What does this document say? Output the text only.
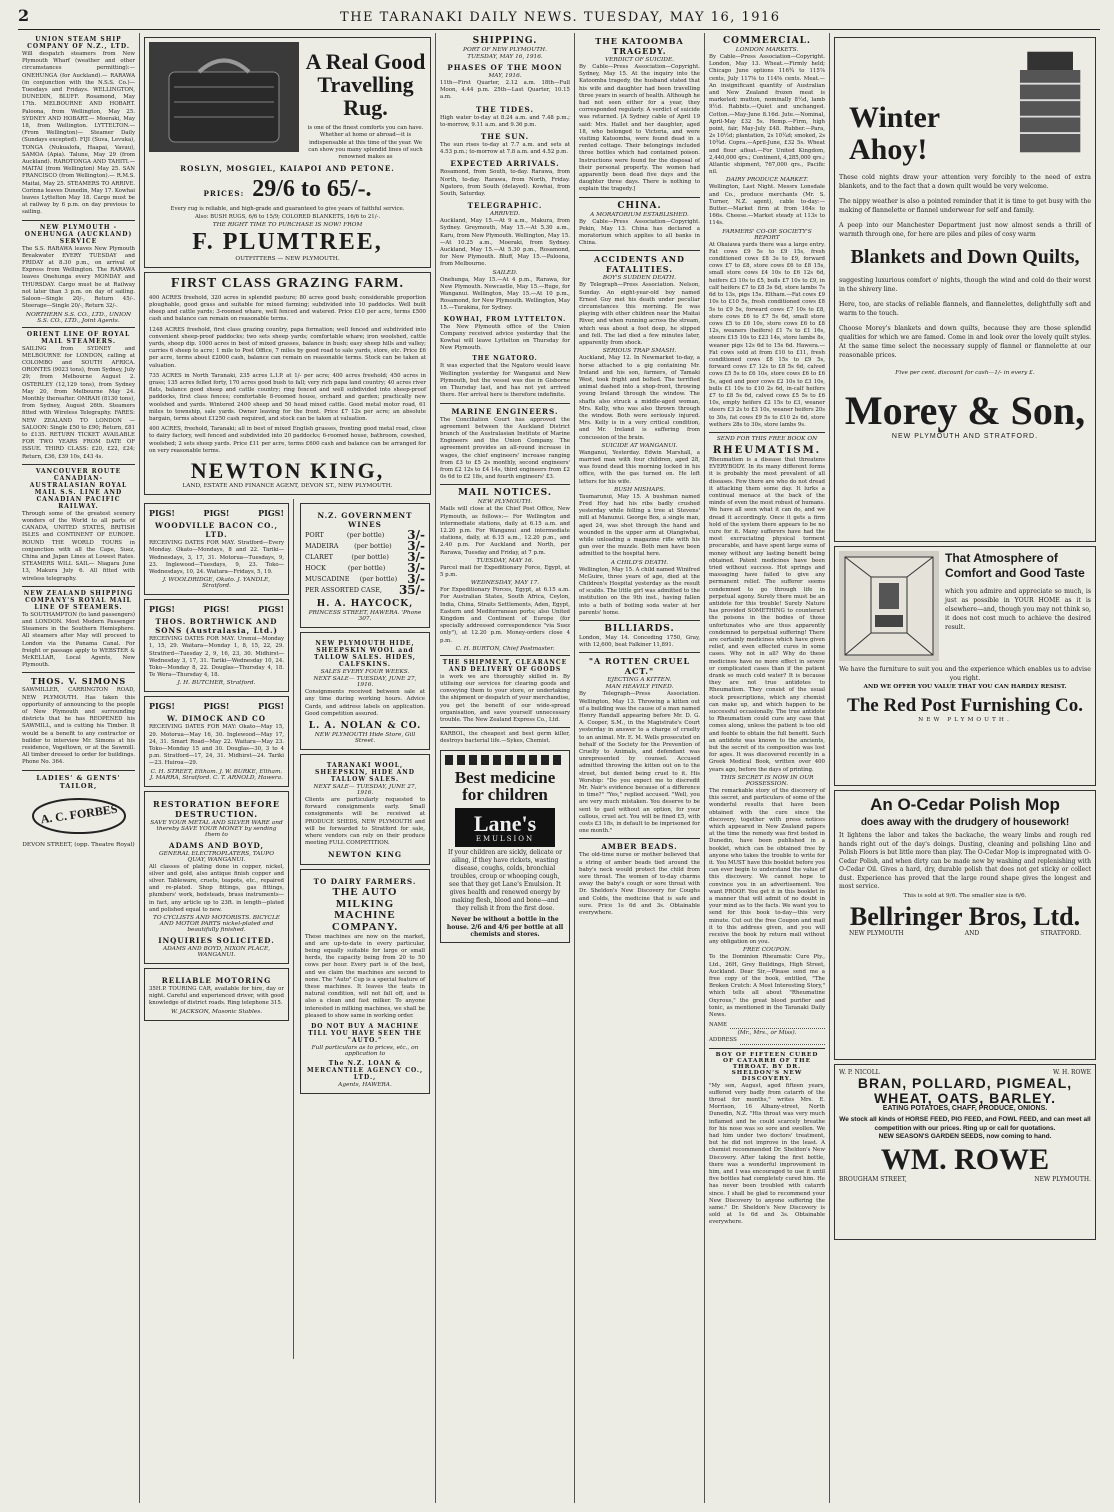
2	THE TARANAKI DAILY NEWS. TUESDAY, MAY 16, 1916
UNION STEAM SHIP COMPANY OF N.Z., LTD.
Will despatch steamers from New Plymouth Wharf (weather and other circumstances permitting):— ONEHUNGA (for Auckland).— RARAWA (in conjunction with the N.S.S. Co.)—Tuesdays and Fridays. WELLINGTON, DUNEDIN, BLUFF. Rosamond, May 17th. MELBOURNE AND HOBART. Paloona, from Wellington, May 25. SYDNEY AND HOBART.— Moeraki, May 18, from Wellington. LYTTELTON.— (From Wellington)— Steamer Daily (Sundays excepted). FIJI (Suva, Levuka), TONGA (Nukualofa, Haapai, Vavau), SAMOA (Apia). Talune, May 29 (from Auckland). RAROTONGA AND TAHITI.— MAITAI (from Wellington) May 25. SAN FRANCISCO (from Wellington).— R.M.S. Maitai, May 25. STEAMERS TO ARRIVE. Corinna leaves Dunedin, May 17. Kowhai leaves Lyttelton May 18. Cargo must be at railway by 6 p.m. on day previous to sailing.
NEW PLYMOUTH - ONEHUNGA (AUCKLAND) SERVICE
The S.S. RARAWA leaves New Plymouth Breakwater EVERY TUESDAY and FRIDAY at 8.30 p.m., on arrival of Express from Wellington. The RARAWA leaves Onehunga every MONDAY and THURSDAY. Cargo must be at Railway not later than 3 p.m. on day of sailing. Saloon—Single 20/-, Return 45/-. Steerage—Single 20/-, Return 32/-.
NORTHERN S.S. CO., LTD., UNION S.S. CO., LTD., Joint Agents.
ORIENT LINE OF ROYAL MAIL STEAMERS.
SAILING from SYDNEY and MELBOURNE for LONDON, calling at COLOMBO and SOUTH AFRICA. ORONTES (9023 tons), from Sydney, July 29; from Melbourne August 2. OSTERLEY (12,129 tons), from Sydney May 20, from Melbourne May 24. Monthly thereafter. OMRAH (8130 tons), from Sydney, August 26th. Steamers fitted with Wireless Telegraphy. FARES: NEW ZEALAND TO LONDON —SALOON: Single £50 to £90; Return, £81 to £135. RETURN TICKET AVAILABLE FOR TWO YEARS FROM DATE OF ISSUE. THIRD CLASS: £20, £22, £24; Return, £36, £39 10s, £43 4s.
VANCOUVER ROUTE CANADIAN-AUSTRALASIAN ROYAL MAIL S.S. LINE AND CANADIAN PACIFIC RAILWAY.
Through some of the greatest scenery wonders of the World to all parts of CANADA, UNITED STATES, BRITISH ISLES and CONTINENT OF EUROPE. ROUND THE WORLD TOURS in conjunction with all the Cape, Suez, China and Japan Lines at Lowest Rates. STEAMERS WILL SAIL— Niagara June 13, Makura July 6. All fitted with wireless telegraphy.
NEW ZEALAND SHIPPING COMPANY'S ROYAL MAIL LINE OF STEAMERS.
To SOUTHAMPTON (to land passengers) and LONDON. Most Modern Passenger Steamers in the Southern Hemisphere. All steamers after May will proceed to London via the Panama Canal. For freight or passage apply to WEBSTER & McKELLAR, Local Agents, New Plymouth.
THOS. V. SIMONS
SAWMILLER, CARRINGTON ROAD, NEW PLYMOUTH. Has taken this opportunity of announcing to the people of New Plymouth and surrounding districts that he has REOPENED his SAWMILL, and is cutting his Timber. It would be a benefit to any contractor or builder to interview Mr. Simons at his residence, Vogeltown, or at the Sawmill. All timber dressed to order for buildings. Phone No. 364.
LADIES' & GENTS' TAILOR,
A. C. FORBES
DEVON STREET, (opp. Theatre Royal)
A Real Good Travelling Rug.
is one of the finest comforts you can have. Whether at home or abroad—it is indispensable at this time of the year. We can show you many splendid lines of such renowned makes as
ROSLYN, MOSGIEL, KAIAPOI AND PETONE.
PRICES: 29/6 to 65/-.
Every rug is reliable, and high-grade and guaranteed to give years of faithful service.
Also: BUSH RUGS, 6/6 to 15/9; COLORED BLANKETS, 16/6 to 21/-.
THE RIGHT TIME TO PURCHASE IS NOW! FROM
F. PLUMTREE,
OUTFITTERS — NEW PLYMOUTH.
FIRST CLASS GRAZING FARM.
400 ACRES freehold, 320 acres in splendid pasture; 80 acres good bush; considerable proportion ploughable, good grass and suitable for mixed farming; subdivided into 10 paddocks. Well built sheep and cattle yards; 3-roomed whare, well fenced and watered. Price £10 per acre, terms £500 cash and balance can remain on reasonable terms.
1248 ACRES freehold, first class grazing country, papa formation; well fenced and subdivided into convenient sheep-proof paddocks; two sets sheep yards; comfortable whare; iron woolshed, cattle yards, sheep dip. 1000 acres in best of mixed grasses, balance in bush; easy sheep hills and valley; carries 6 sheep to acre; 1 mile to Post Office, 7 miles by good road to sale yards, store, etc. Price £6 per acre, terms about £2000 cash, balance can remain on reasonable terms. Stock can be taken at valuation.
735 ACRES in North Taranaki, 235 acres L.I.P. at 1/- per acre; 400 acres freehold; 450 acres in grass; 135 acres felled forty, 170 acres good bush to fall; very rich papa land country; 40 acres river flats, balance good sheep and cattle country; ring fenced and well subdivided into sheep-proof paddocks, first class fences; comfortable 8-roomed house, orchard and garden; practically new woolshed and yards. Wintered 2400 sheep and 50 head mixed cattle. Good metal motor road, 61 miles to township, sale yards. Owner leaving for the front. Price £7 12s per acre; an absolute bargain, terms about £1250 cash required, and stock can be taken at valuation.
400 ACRES, freehold, Taranaki; all in best of mixed English grasses, fronting good metal road, close to dairy factory, well fenced and subdivided into 20 paddocks; 6-roomed house, bathroom, cowshed, woolshed; 2 sets sheep yards. Price £11 per acre, terms £600 cash and balance can be arranged for on very reasonable terms.
NEWTON KING,
LAND, ESTATE AND FINANCE AGENT, DEVON ST., NEW PLYMOUTH.
PIGS!	PIGS!	PIGS!
WOODVILLE BACON CO., LTD.
RECEIVING DATES FOR MAY. Stratford—Every Monday. Okato—Mondays, 8 and 22. Tariki—Wednesdays, 3, 17, 31. Motorua—Tuesdays, 9, 23. Inglewood—Tuesdays, 9, 23. Toko—Wednesdays, 10, 24. Waitara—Fridays, 5, 19.
J. WOOLDRIDGE, Okato. J. YANDLE, Stratford.
PIGS!	PIGS!	PIGS!
THOS. BORTHWICK AND SONS (Australasia, Ltd.)
RECEIVING DATES FOR MAY. Urenui—Monday 1, 15, 29. Waitara—Monday 1, 8, 15, 22, 29. Stratford—Tuesday 2, 9, 16, 23, 30. Midhirst—Wednesday 3, 17, 31. Tariki—Wednesday 10, 24. Toko—Monday 8, 22. Douglas—Thursday 4, 18. Te Wera—Thursday 4, 18.
J. H. BUTCHER, Stratford.
PIGS!	PIGS!	PIGS!
W. DIMOCK AND CO
RECEIVING DATES FOR MAY: Okato—May 15, 29. Motorua—May 16, 30. Inglewood—May 17, 24, 31. Smart Road—May 22. Waitara—May 23. Toko—Monday 15 and 30. Douglas—30, 3 to 4 p.m. Stratford—17, 24, 31. Midhirst—24. Tariki—23. Huiroa—29.
C. H. STREET, Eltham. J. W. BURKE, Eltham. J. MARRA, Stratford. C. T. ARNOLD, Hawera.
RESTORATION BEFORE DESTRUCTION.
SAVE YOUR METAL AND SILVER WARE and thereby SAVE YOUR MONEY by sending them to
ADAMS AND BOYD,
GENERAL ELECTROPLATERS, TAUPO QUAY, WANGANUI.
All classes of plating done in copper, nickel, silver and gold, also antique finish copper and silver. Tableware, cruets, teapots, etc., repaired and re-plated. Shop fittings, gas fittings, plumbers' work, bedsteads, brass instruments—in fact, any article up to 23ft. in length—plated and polished equal to new.
TO CYCLISTS AND MOTORISTS. BICYCLE AND MOTOR PARTS nickel-plated and beautifully finished.
INQUIRIES SOLICITED.
ADAMS AND BOYD, NIXON PLACE, WANGANUI.
RELIABLE MOTORING
35H.P. TOURING CAR, available for hire, day or night. Careful and experienced driver, with good knowledge of district roads. Ring telephone 315.
W. JACKSON, Masonic Stables.
N.Z. GOVERNMENT WINES
PORT	(per bottle) 3/-
MADEIRA (per bottle) 3/-
CLARET	(per bottle) 3/-
HOCK	(per bottle) 3/-
MUSCADINE (per bottle) 3/-
PER ASSORTED CASE, 35/-
H. A. HAYCOCK,
PRINCESS STREET, HAWERA. 'Phone 307.
NEW PLYMOUTH HIDE, SHEEPSKIN WOOL and TALLOW SALES. HIDES, CALFSKINS.
SALES EVERY FOUR WEEKS.
NEXT SALE— TUESDAY, JUNE 27, 1916.
Consignments received between sale at any time during working hours. Advice Cards, and address labels on application. Good competition assured.
L. A. NOLAN & CO.
NEW PLYMOUTH Hide Store, Gill Street.
TARANAKI WOOL, SHEEPSKIN, HIDE AND TALLOW SALES.
NEXT SALE— TUESDAY, JUNE 27, 1916.
Clients are particularly requested to forward consignments early. Small consignments will be received at PRODUCE SHEDS, NEW PLYMOUTH and will be forwarded to Stratford for sale, where vendors can rely on their produce meeting FULL COMPETITION.
NEWTON KING
TO DAIRY FARMERS.
THE AUTO MILKING MACHINE COMPANY.
These machines are now on the market, and are up-to-date in every particular, being equally suitable for large or small herds, the capacity being from 20 to 50 cows per hour. Every part is of the best, and we claim the machines are second to none. The "Auto" Cup is a special feature of these machines. It leaves the teats in natural condition, will not fall off, and is also a clean and fast milker. To anyone interested in milking machines, we shall be pleased to show same in working order.
DO NOT BUY A MACHINE TILL YOU HAVE SEEN THE "AUTO."
Full particulars as to prices, etc., on application to
The N.Z. LOAN & MERCANTILE AGENCY CO., LTD.,
Agents, HAWERA.
SHIPPING.
PORT OF NEW PLYMOUTH.
TUESDAY, MAY 16, 1916.
PHASES OF THE MOON
MAY, 1916.
11th—First Quarter, 2.12 a.m. 18th—Full Moon, 4.44 p.m. 25th—Last Quarter, 10.15 a.m.
THE TIDES.
High water to-day at 8.24 a.m. and 7.48 p.m.; to-morrow, 9.11 a.m. and 9.36 p.m.
THE SUN.
The sun rises to-day at 7.7 a.m. and sets at 4.53 p.m.; to-morrow at 7.8 a.m. and 4.52 p.m.
EXPECTED ARRIVALS.
Rosamond, from South, to-day. Rarawa, from North, to-day. Rarawa, from North, Friday. Ngatoro, from South (delayed). Kowhai, from South, Saturday.
TELEGRAPHIC.
ARRIVED.
Auckland, May 15.—At 9 a.m., Makura, from Sydney. Greymouth, May 15.—At 5.30 a.m., Karu, from New Plymouth. Wellington, May 15.—At 10.25 a.m., Moeraki, from Sydney. Auckland, May 15.—At 5.30 p.m., Rosamond, for New Plymouth. Bluff, May 15.—Paloona, from Melbourne.
SAILED.
Onehunga, May 15.—At 4 p.m., Rarawa, for New Plymouth. Newcastle, May 15.—Ruge, for Wanganui. Wellington, May 15.—At 10 p.m., Rosamond, for New Plymouth. Wellington, May 15.—Turakina, for Sydney.
KOWHAI, FROM LYTTELTON.
The New Plymouth office of the Union Company received advice yesterday that the Kowhai will leave Lyttelton on Thursday for New Plymouth.
THE NGATORO.
It was expected that the Ngatoro would leave Wellington yesterday for Wanganui and New Plymouth, but the vessel was due in Gisborne on Thursday last, and has not yet arrived there. Her arrival here is therefore indefinite.
MARINE ENGINEERS.
The Conciliation Court has approved the agreement between the Auckland District branch of the Australasian Institute of Marine Engineers and the Union Company. The agreement provides an all-round increase in wages, the chief engineers' increase ranging from £3 to £5 2s monthly, second engineers' from £2 12s to £4 14s, third engineers from £2 0s 6d to £2 18s, and fourth engineers' £3.
MAIL NOTICES.
NEW PLYMOUTH.
Mails will close at the Chief Post Office, New Plymouth, as follows:— For Wellington and intermediate stations, daily at 6.15 a.m. and 12.20 p.m. For Wanganui and intermediate stations, daily, at 6.15 a.m., 12.20 p.m., and 2.40 p.m. For Auckland and North, per Rarawa, Tuesday and Friday, at 7 p.m.
TUESDAY, MAY 16.
Parcel mail for Expeditionary Force, Egypt, at 5 p.m.
WEDNESDAY, MAY 17.
For Expeditionary Forces, Egypt, at 6.15 a.m. For Australian States, South Africa, Ceylon, India, China, Straits Settlements, Aden, Egypt, Eastern and Mediterranean ports; also United Kingdom and Continent of Europe (for specially addressed correspondence "via Suez only"), at 12.20 p.m. Money-orders close 4 p.m.
C. H. BURTON, Chief Postmaster.
THE SHIPMENT, CLEARANCE AND DELIVERY OF GOODS
is work we are thoroughly skilled in. By utilising our services for clearing goods and conveying them to your store, or undertaking the shipment or despatch of your merchandise, you get the benefit of our wide-spread organisation, and save yourself unnecessary trouble. The New Zealand Express Co., Ltd.
KARBOL, the cheapest and best germ killer, destroys bacterial life.—Sykes, Chemist.
Best medicine for children
Lane's
EMULSION
If your children are sickly, delicate or ailing, if they have rickets, wasting disease, coughs, colds, bronchial troubles, croup or whooping cough, see that they get Lane's Emulsion. It gives health and renewed energy by making flesh, blood and bone—and they relish it from the first dose.
Never be without a bottle in the house. 2/6 and 4/6 per bottle at all chemists and stores.
THE KATOOMBA TRAGEDY.
VERDICT OF SUICIDE.
By Cable—Press Association—Copyright. Sydney, May 15. At the inquiry into the Katoomba tragedy, the husband stated that his wife and daughter had been travelling three years in search of health. Although he had not seen either for a year, they corresponded regularly. A verdict of suicide was returned. [A Sydney cable of April 19 said: Mrs. Hallet and her daughter, aged 18, who belonged to Victoria, and were visiting Katoomba, were found dead in a rented cottage. Their belongings included three bottles which had contained poison. Instructions were found for the disposal of their personal property. The women had apparently been dead five days and the daughter three days. There is nothing to explain the tragedy.]
CHINA.
A MORATORIUM ESTABLISHED.
By Cable—Press Association—Copyright. Pekin, May 13. China has declared a moratorium which applies to all banks in China.
ACCIDENTS AND FATALITIES.
BOY'S SUDDEN DEATH.
By Telegraph—Press Association. Nelson, Sunday. An eight-year-old boy named Ernest Guy met his death under peculiar circumstances this morning. He was playing with other children near the Maitai River, and when running across the stream, which was about a foot deep, he slipped and fell. The lad died a few minutes later, apparently from shock.
SERIOUS TRAP SMASH.
Auckland, May 12. In Newmarket to-day, a horse attached to a gig containing Mr. Ireland and his son, farmers, of Tamaki West, took fright and bolted. The terrified animal dashed into a shop-front, throwing young Ireland through the window. The shafts also struck a middle-aged woman, Mrs. Kelly, who was also thrown through the window. Both were seriously injured. Mrs. Kelly is in a very critical condition, and Mr. Ireland is suffering from concussion of the brain.
SUICIDE AT WANGANUI.
Wanganui, Yesterday. Edwin Marshall, a married man with four children, aged 28, was found dead this morning locked in his office, with the gas turned on. He left letters for his wife.
BUSH MISHAPS.
Taumarunui, May 15. A bushman named Fred Hoy had his ribs badly crushed yesterday while felling a tree at Stevens' mill at Manunui. George Box, a single man, aged 24, was shot through the hand and wounded in the upper arm at Otangiwhai, while unloading a magazine rifle with his gun over the muzzle. Both men have been admitted to the hospital here.
A CHILD'S DEATH.
Wellington, May 15. A child named Winifred McGuire, three years of age, died at the Children's Hospital yesterday as the result of scalds. The little girl was admitted to the institution on the 9th inst., having fallen into a bath of boiling soda water at her parents' home.
BILLIARDS.
London, May 14. Conceding 1750, Gray, with 12,600, beat Falkiner 11,891.
"A ROTTEN CRUEL ACT."
EJECTING A KITTEN.
MAN HEAVILY FINED.
By Telegraph—Press Association. Wellington, May 13. Throwing a kitten out of a building was the cause of a man named Henry Randall appearing before Mr. D. G. A. Cooper, S.M., in the Magistrate's Court yesterday in answer to a charge of cruelty to an animal. Mr. E. M. Wells prosecuted on behalf of the Society for the Prevention of Cruelty to Animals, and defendant was unrepresented by counsel. Accused admitted throwing the kitten out on to the street, but denied being cruel to it. His Worship: "Do you expect me to discredit Mr. Nair's evidence because of a difference in time?" "Yes," replied accused. "Well, you are very much mistaken. You deserve to be sent to gaol without an option, for your callous, cruel act. You will be fined £5, with costs £3 18s, in default to be imprisoned for one month."
AMBER BEADS.
The old-time nurse or mother believed that a string of amber beads tied around the baby's neck would protect the child from sore throat. The women of to-day charms away the baby's cough or sore throat with Dr. Sheldon's New Discovery for Coughs and Colds, the medicine that is safe and sure. Price 1s 6d and 3s. Obtainable everywhere.
COMMERCIAL.
LONDON MARKETS.
By Cable—Press Association—Copyright. London, May 13. Wheat.—Firmly held; Chicago June options 116¾ to 115⅞ cents, July 117⅝ to 114⅝ cents. Meat.—An insignificant quantity of Australian and New Zealand frozen meat is marketed; mutton, nominally 8½d, lamb 9½d. Rabbits.—Quiet and unchanged. Cotton.—May-June 8.16d. Jute.—Nominal, April-May £32 5s. Hemp.—Firm, high point, fair, May-July £48. Rubber.—Para, 2s 10½d; plantation, 2s 10¼d; smoked, 2s 10¾d. Copra.—April-June, £32 5s. Wheat and flour afloat.—For United Kingdom, 2,440,000 qrs.; Continent, 4,285,000 qrs.; Atlantic shipment, 767,000 qrs., Pacific nil.
DAIRY PRODUCE MARKET.
Wellington, Last Night. Messrs Lonsdale and Co., produce merchants (Mr. S. Turner, N.Z. agent), cable to-day:— Butter.—Market firm at from 164s to 166s. Cheese.—Market steady at 113s to 114s.
FARMERS' CO-OP. SOCIETY'S REPORT
At Okaiawa yards there was a large entry. Fat cows £9 5s to £9 15s, fresh conditioned cows £8 3s to £9, forward cows £7 to £8, store cows £6 to £8 15s, small store cows £4 10s to £6 12s 6d, heifers £3 10s to £5, bulls £7 10s to £9, in calf heifers £7 to £8 3s 6d, store lambs 7s 6d to 13s, pigs 15s. Eltham.—Fat cows £9 10s to £10 5s, fresh conditioned cows £8 5s to £9 5s, forward cows £7 10s to £8, store cows £6 to £7 5s 6d, small store cows £5 to £6 10s, store cows £6 to £8 12s, weaners (heifers) £1 7s to £1 16s, steers £15 10s to £23 14s, store lambs 8s, weaner pigs 12s 6d to 15s 6d. Hawera.—Fat cows sold at from £10 to £11, fresh conditioned cows £8 15s to £9 5s, forward cows £7 12s to £8 5s 6d, calved cows £5 5s to £6 10s, store cows £6 to £6 5s, aged and poor cows £2 10s to £3 10s, bulls £1 10s to £10 2s 6d, in-calf heifers £7 to £8 5s 6d, calved cows £5 5s to £6 10s, empty heifers £2 15s to £3, weaner steers £3 2s to £3 10s, weaner heifers 20s to 30s, fat cows £9 5s to £10 2s 6d, store wethers 28s to 30s, store lambs 9s.
SEND FOR THIS FREE BOOK ON
RHEUMATISM.
Rheumatism is a disease that threatens EVERYBODY. In its many different forms it is probably the most prevalent of all diseases. Few there are who do not dread it attacking them some day. It lurks a continual menace at the back of the minds of even the most robust of humans. We have all seen what it can do, and we dread it accordingly. Once it gets a firm hold of the system there appears to be no cure for it. Many sufferers have had the most excruciating physical torment procurable, and have spent large sums of money without any lasting benefit being obtained. Patent medicines have been tried without success. Hot springs and massaging have failed to give any permanent relief. The sufferer seems condemned to go through life in perpetual agony. Surely there must be an antidote for this trouble! Surely Nature has provided SOMETHING to counteract the poisons in the bodies of those unfortunates who are thus apparently condemned to perpetual suffering! There are certainly medicines which have given relief, and even effected cures in some cases. Why not in all? Why do these medicines have no more effect in severe or complicated cases than if the patient drank so much cold water? It is because they are not true antidotes to Rheumatism. They consist of the usual stock prescriptions, which any chemist can make up, and which happen to be successful occasionally. The true antidote to Rheumatism could cure any case that comes along, unless the patient is too old and feeble to obtain the full benefit. Such an antidote was known to the ancients, but the secret of its composition was lost for ages. It was discovered recently in a Greek Medical Book, written over 400 years ago, before the days of printing.
THIS SECRET IS NOW IN OUR POSSESSION.
The remarkable story of the discovery of this secret, and particulars of some of the wonderful results that have been obtained with the cure since the discovery, together with press notices which appeared in New Zealand papers at the time the remedy was first tested in Dunedin, have been published in a booklet, which can be obtained free by anyone who takes the trouble to write for it. You MUST have this booklet before you can ever begin to understand the value of this discovery. We cannot hope to convince you in an advertisement. You want PROOF. You get it in this booklet in a manner that will admit of no doubt in your mind as to the facts. We want you to send for this book to-day—this very minute. Cut out the free Coupon and mail it to this address given, and you will receive the book by return mail without any obligation on you.
FREE COUPON.
To the Dominion Rheumatic Cure Pty., Ltd., 26H, Grey Buildings, High Street, Auckland. Dear Sir,—Please send me a free copy of the book, entitled, "The Broken Crutch: A Most Interesting Story," which tells all about "Rheumatine Oxyrous," the great blood purifier and tonic, as mentioned in the Taranaki Daily News.
NAME
(Mr., Mrs., or Miss).
ADDRESS
BOY OF FIFTEEN CURED OF CATARRH OF THE THROAT. BY DR. SHELDON'S NEW DISCOVERY.
"My son, August, aged fifteen years, suffered very badly from catarrh of the throat for months," writes Mrs. E. Morrison, 16 Albany-street, North Dunedin, N.Z. "His throat was very much inflamed and he could scarcely breathe for his nose was so sore and swollen. We had him under two doctors' treatment, but he did not improve in the least. A chemist recommended Dr. Sheldon's New Discovery. After taking the first bottle, there was a wonderful improvement in him, and I was encouraged to use it until five bottles had completely cured him. He has never been troubled with catarrh since. I shall be glad to recommend your New Discovery to anyone suffering the same." Dr. Sheldon's New Discovery is sold at 1s 6d and 3s. Obtainable everywhere.
Winter Ahoy!
These cold nights draw your attention very forcibly to the need of extra blankets, and to the fact that a down quilt would be very welcome.
The nippy weather is also a pointed reminder that it is time to get busy with the making of flannelette or flannel underwear for self and family.
A peep into our Manchester Department just now almost sends a thrill of warmth through one, for here are piles and piles of cosy warm
Blankets and Down Quilts,
suggesting luxurious comfort o' nights, though the wind and cold do their worst in the shivery line.
Here, too, are stacks of reliable flannels, and flannelettes, delightfully soft and warm to the touch.
Choose Morey's blankets and down quilts, because they are those splendid qualities for which we are famed. Come in and look over the lovely quilt styles. At the same time select the necessary supply of flannel or flannelette at our reasonable prices.
Five per cent. discount for cash—1/- in every £.
Morey & Son,
NEW PLYMOUTH AND STRATFORD.
That Atmosphere of Comfort and Good Taste
which you admire and appreciate so much, is just as possible in YOUR HOME as it is elsewhere—and, though you may not think so, it does not cost much to achieve the desired result.
We have the furniture to suit you and the experience which enables us to advise you right.
AND WE OFFER YOU VALUE THAT YOU CAN HARDLY RESIST.
The Red Post Furnishing Co.
NEW PLYMOUTH.
An O-Cedar Polish Mop
does away with the drudgery of housework!
It lightens the labor and takes the backache, the weary limbs and rough red hands right out of the day's doings. Dusting, cleaning and polishing Lino and Polish Floors is but little more than play. The O-Cedar Mop is impregnated with O-Cedar Polish, and when dirty can be made new by washing and replenishing with O-Cedar Oil. Gives a hard, dry, durable polish that does not get sticky or collect dust. Experience has proved that the large round shape gives the longest and most service.
This is sold at 9/6. The smaller size is 6/6.
Bellringer Bros, Ltd.
NEW PLYMOUTH	AND	STRATFORD.
W. P. NICOLL	W. H. ROWE
BRAN, POLLARD, PIGMEAL,
WHEAT, OATS, BARLEY.
EATING POTATOES, CHAFF, PRODUCE, ONIONS.
We stock all kinds of HORSE FEED, PIG FEED, and FOWL FEED, and can meet all competition with our prices. Ring up or call for quotations.
NEW SEASON'S GARDEN SEEDS, now coming to hand.
WM. ROWE
BROUGHAM STREET,	NEW PLYMOUTH.
